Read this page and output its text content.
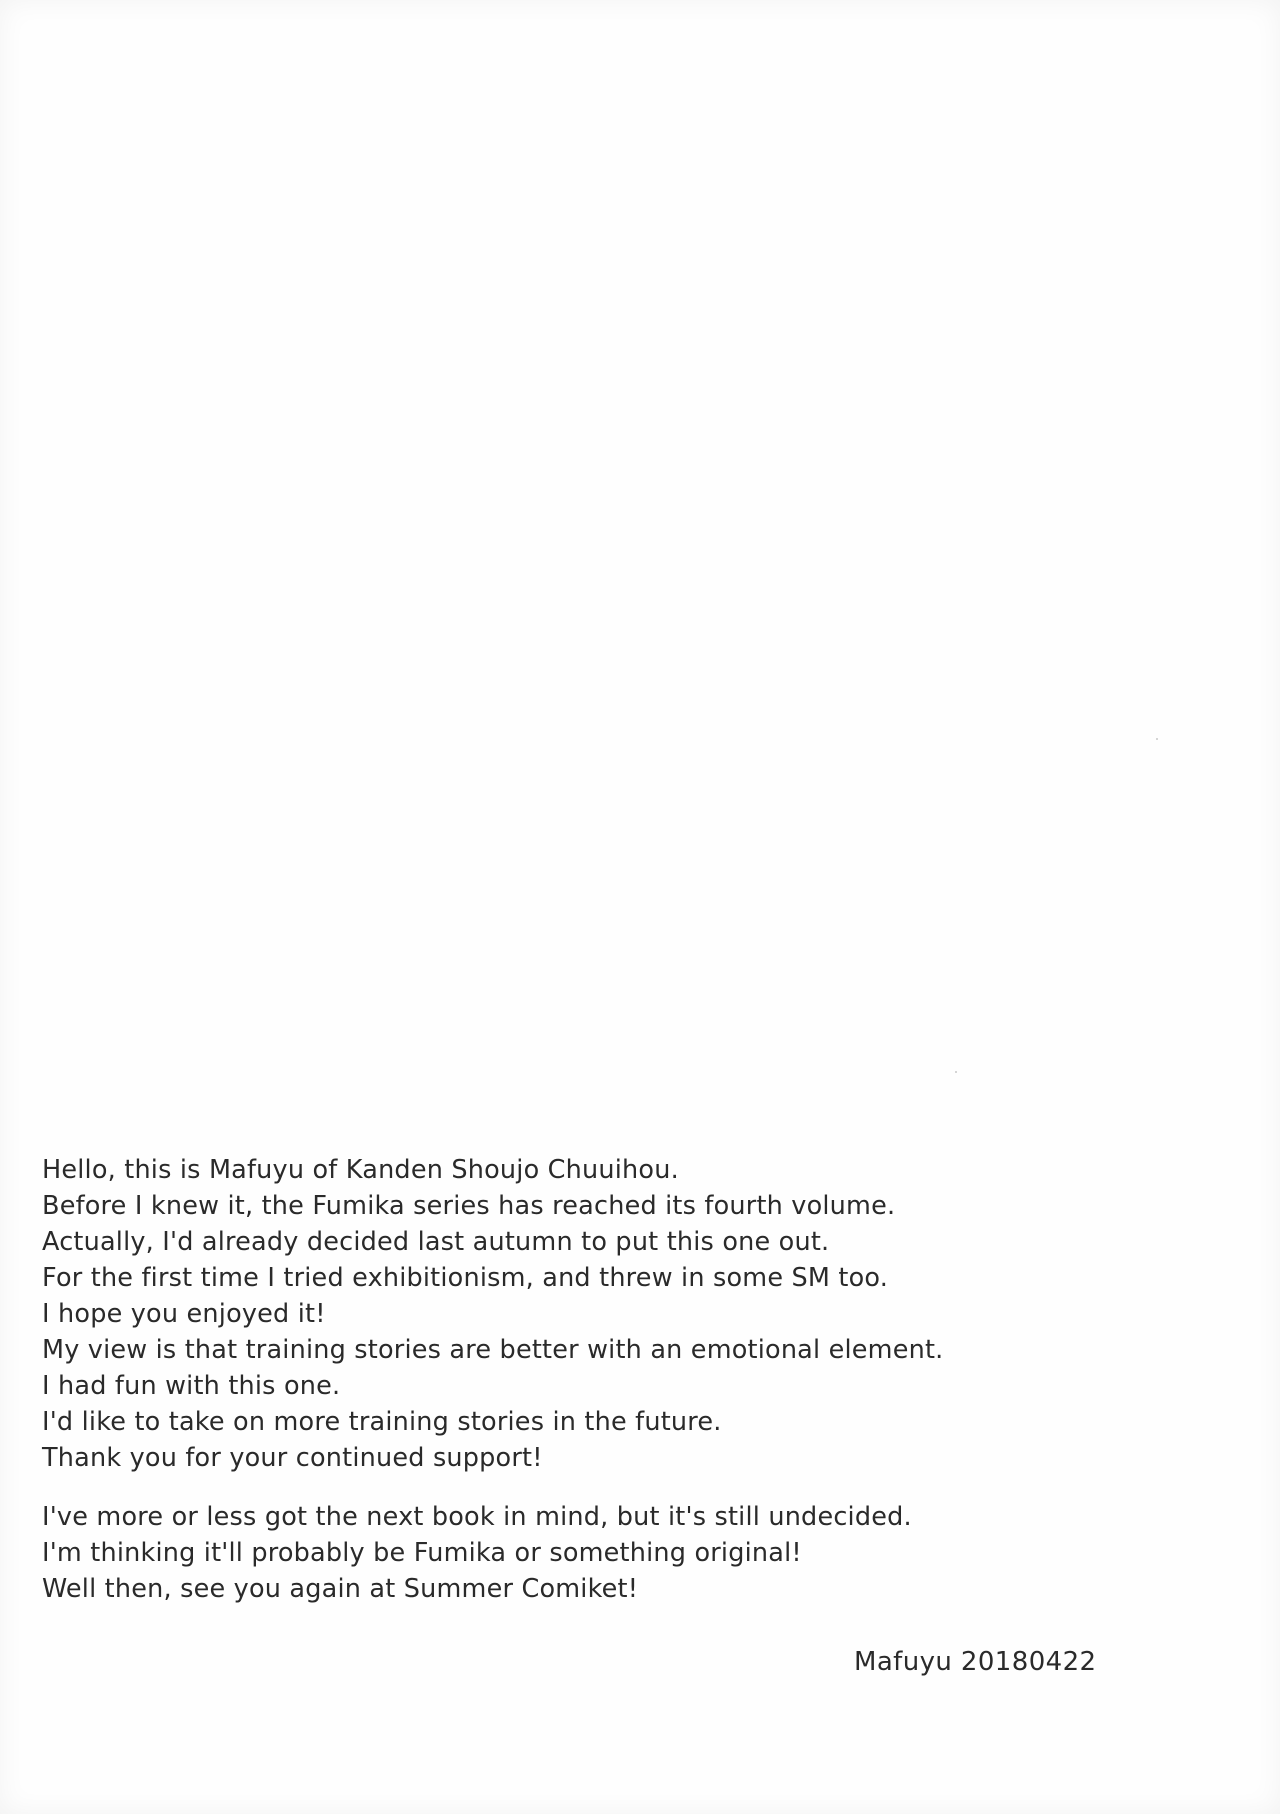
Hello, this is Mafuyu of Kanden Shoujo Chuuihou.
Before I knew it, the Fumika series has reached its fourth volume.
Actually, I'd already decided last autumn to put this one out.
For the first time I tried exhibitionism, and threw in some SM too.
I hope you enjoyed it!
My view is that training stories are better with an emotional element.
I had fun with this one.
I'd like to take on more training stories in the future.
Thank you for your continued support!

I've more or less got the next book in mind, but it's still undecided.
I'm thinking it'll probably be Fumika or something original!
Well then, see you again at Summer Comiket!

Mafuyu 20180422
